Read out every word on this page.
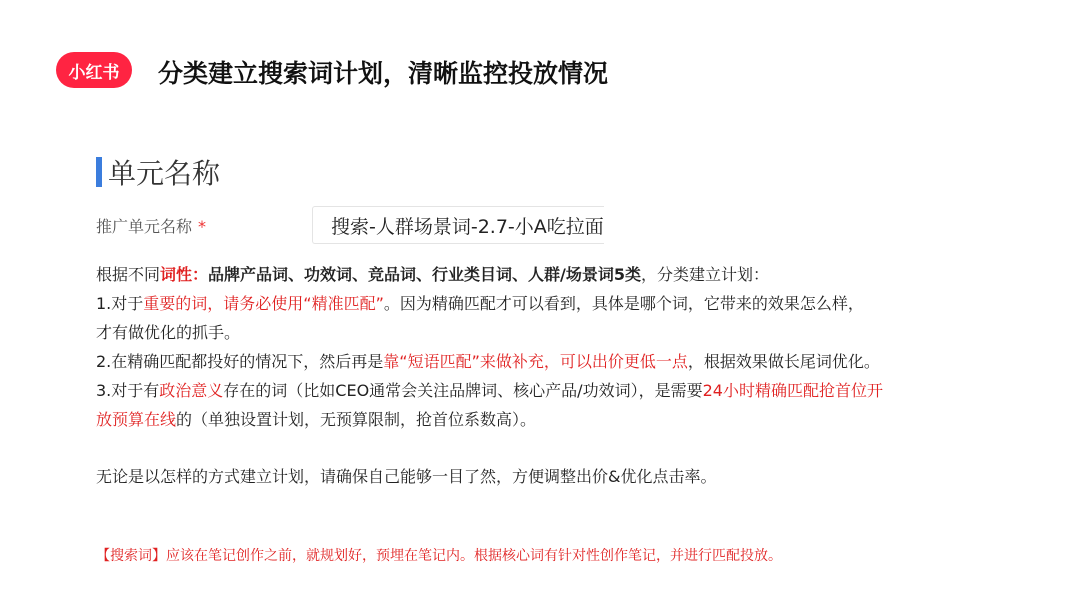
小红书	分类建立搜索词计划，清晰监控投放情况
单元名称
推广单元名称 *	搜索-人群场景词-2.7-小A吃拉面

根据不同词性：品牌产品词、功效词、竞品词、行业类目词、人群/场景词5类，分类建立计划：

1.对于重要的词，请务必使用“精准匹配”。因为精确匹配才可以看到，具体是哪个词，它带来的效果怎么样，

才有做优化的抓手。

2.在精确匹配都投好的情况下，然后再是靠“短语匹配”来做补充，可以出价更低一点，根据效果做长尾词优化。

3.对于有政治意义存在的词（比如CEO通常会关注品牌词、核心产品/功效词），是需要24小时精确匹配抢首位开

放预算在线的（单独设置计划，无预算限制，抢首位系数高）。

无论是以怎样的方式建立计划，请确保自己能够一目了然，方便调整出价&优化点击率。

【搜索词】应该在笔记创作之前，就规划好，预埋在笔记内。根据核心词有针对性创作笔记，并进行匹配投放。
